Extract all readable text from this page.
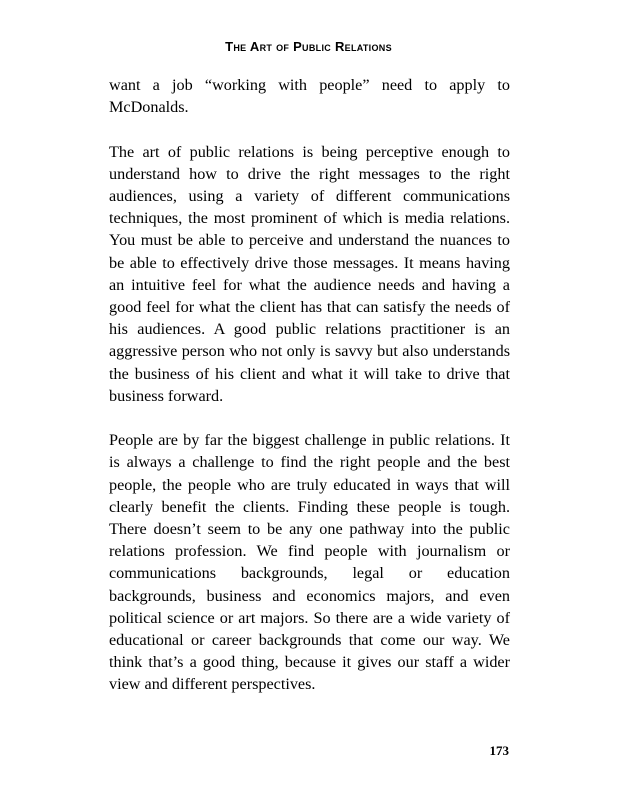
The Art of Public Relations

want a job “working with people” need to apply to McDonalds.

The art of public relations is being perceptive enough to understand how to drive the right messages to the right audiences, using a variety of different communications techniques, the most prominent of which is media relations. You must be able to perceive and understand the nuances to be able to effectively drive those messages. It means having an intuitive feel for what the audience needs and having a good feel for what the client has that can satisfy the needs of his audiences. A good public relations practitioner is an aggressive person who not only is savvy but also understands the business of his client and what it will take to drive that business forward.

People are by far the biggest challenge in public relations. It is always a challenge to find the right people and the best people, the people who are truly educated in ways that will clearly benefit the clients. Finding these people is tough. There doesn’t seem to be any one pathway into the public relations profession. We find people with journalism or communications backgrounds, legal or education backgrounds, business and economics majors, and even political science or art majors. So there are a wide variety of educational or career backgrounds that come our way. We think that’s a good thing, because it gives our staff a wider view and different perspectives.

173
